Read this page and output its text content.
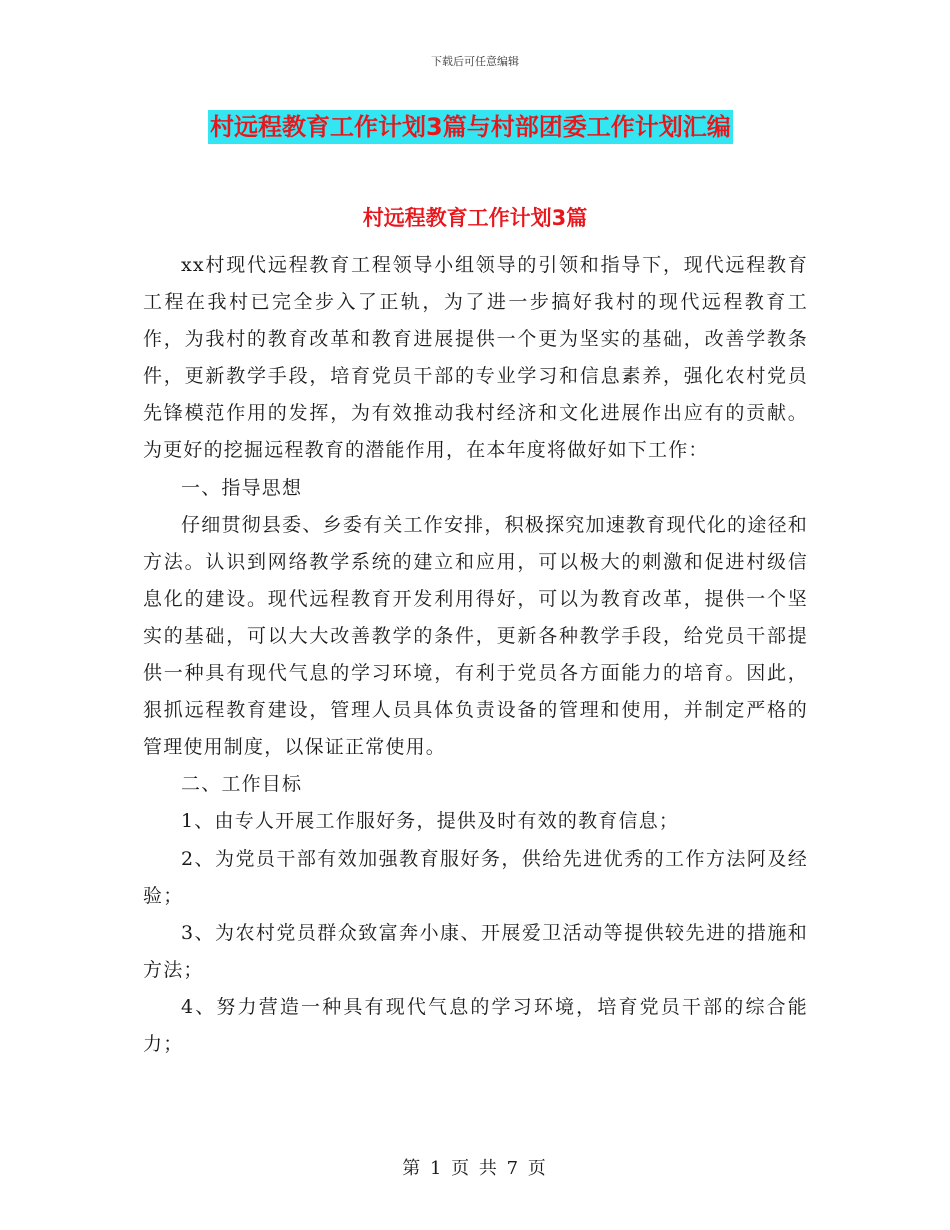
下载后可任意编辑
村远程教育工作计划3篇与村部团委工作计划汇编
村远程教育工作计划3篇

xx村现代远程教育工程领导小组领导的引领和指导下，现代远程教育工程在我村已完全步入了正轨，为了进一步搞好我村的现代远程教育工作，为我村的教育改革和教育进展提供一个更为坚实的基础，改善学教条件，更新教学手段，培育党员干部的专业学习和信息素养，强化农村党员先锋模范作用的发挥，为有效推动我村经济和文化进展作出应有的贡献。为更好的挖掘远程教育的潜能作用，在本年度将做好如下工作：

一、指导思想

仔细贯彻县委、乡委有关工作安排，积极探究加速教育现代化的途径和方法。认识到网络教学系统的建立和应用，可以极大的刺激和促进村级信息化的建设。现代远程教育开发利用得好，可以为教育改革，提供一个坚实的基础，可以大大改善教学的条件，更新各种教学手段，给党员干部提供一种具有现代气息的学习环境，有利于党员各方面能力的培育。因此，狠抓远程教育建设，管理人员具体负责设备的管理和使用，并制定严格的管理使用制度，以保证正常使用。

二、工作目标

1、由专人开展工作服好务，提供及时有效的教育信息；

2、为党员干部有效加强教育服好务，供给先进优秀的工作方法阿及经验；

3、为农村党员群众致富奔小康、开展爱卫活动等提供较先进的措施和方法；

4、努力营造一种具有现代气息的学习环境，培育党员干部的综合能力；

第 1 页 共 7 页
